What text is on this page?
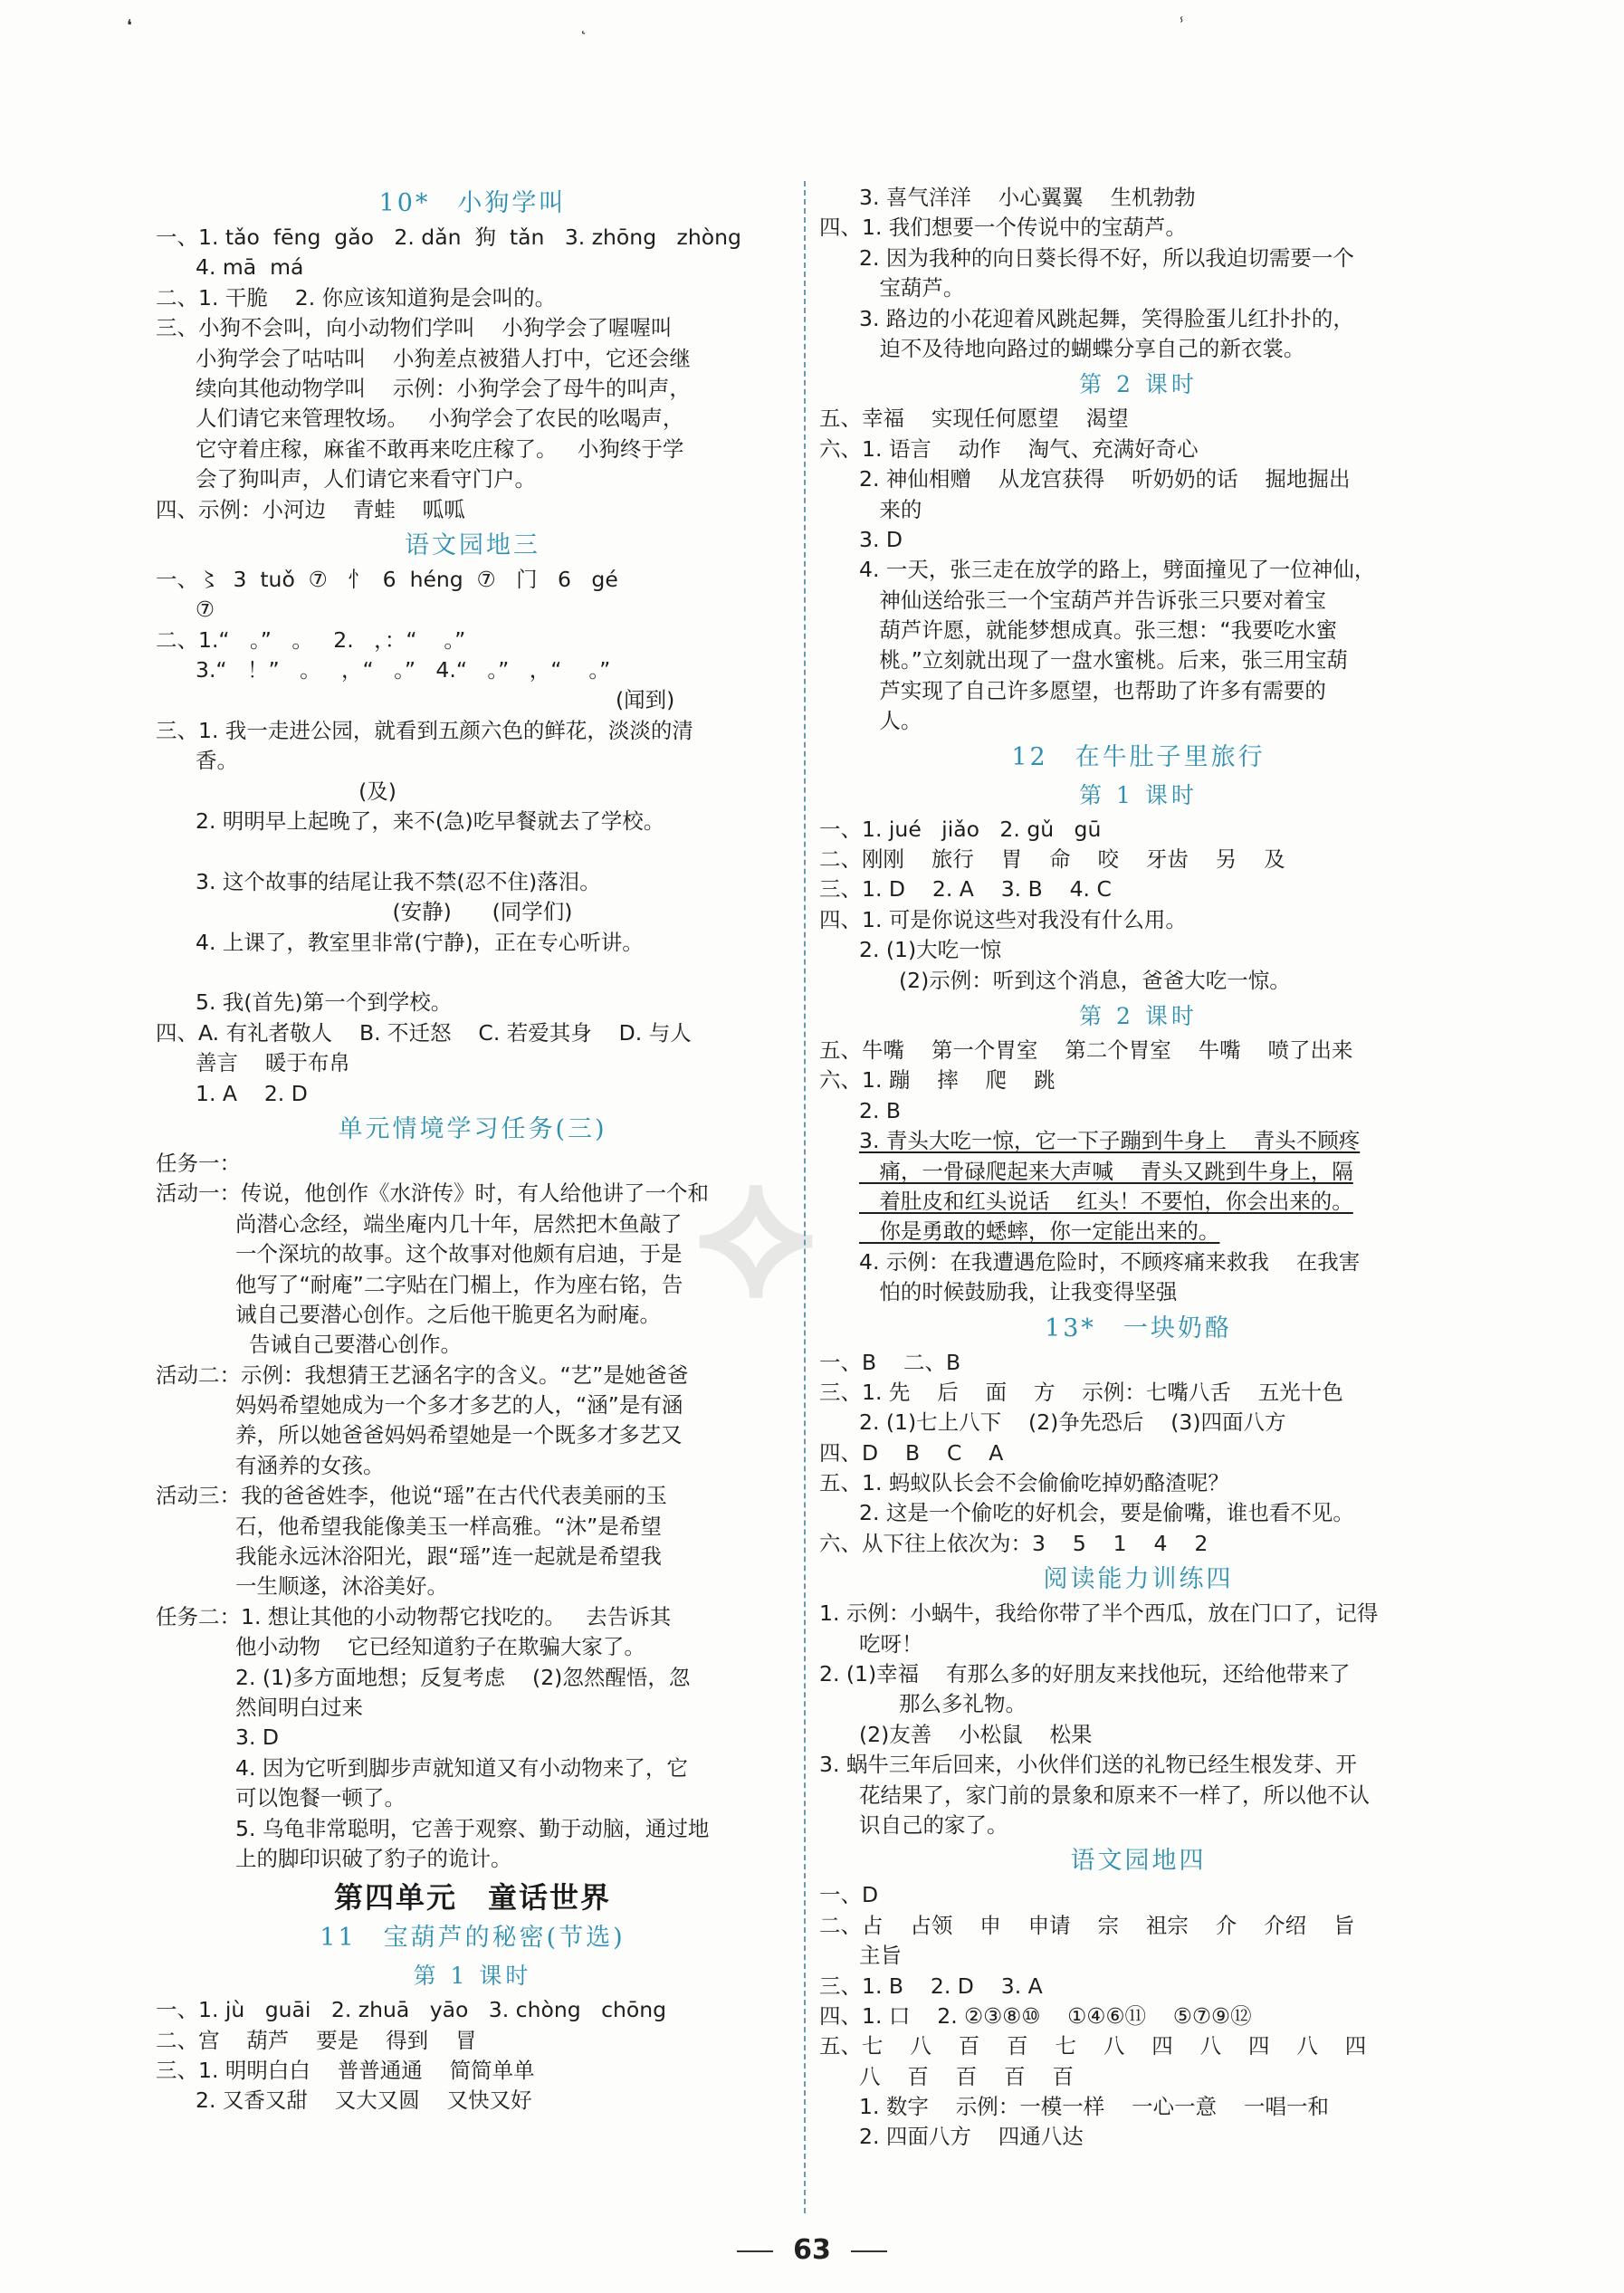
❛	˛	ⸯ
⟡
10*　小狗学叫
一、1. tǎo  fēng  gǎo   2. dǎn  狗  tǎn   3. zhōng   zhòng
4. mā  má
二、1. 干脆    2. 你应该知道狗是会叫的。
三、小狗不会叫，向小动物们学叫    小狗学会了喔喔叫
小狗学会了咕咕叫    小狗差点被猎人打中，它还会继
续向其他动物学叫    示例：小狗学会了母牛的叫声，
人们请它来管理牧场。   小狗学会了农民的吆喝声，
它守着庄稼，麻雀不敢再来吃庄稼了。   小狗终于学
会了狗叫声，人们请它来看守门户。
四、示例：小河边    青蛙    呱呱
语文园地三
一、〻  3  tuǒ  ⑦   忄  6  héng  ⑦   门   6   gé
⑦
二、1.“   。”   。   2.   ，：“    。”
3.“   ！”   。   ，“   。”   4.“   。”   ，“    。”
(闻到)
三、1. 我一走进公园，就看到五颜六色的鲜花，淡淡的清
香。
(及)
2. 明明早上起晚了，来不(急)吃早餐就去了学校。
3. 这个故事的结尾让我不禁(忍不住)落泪。
(安静)      (同学们)
4. 上课了，教室里非常(宁静)，正在专心听讲。
5. 我(首先)第一个到学校。
四、A. 有礼者敬人    B. 不迁怒    C. 若爱其身    D. 与人
善言    暖于布帛
1. A    2. D
单元情境学习任务(三)
任务一：
活动一：传说，他创作《水浒传》时，有人给他讲了一个和
尚潜心念经，端坐庵内几十年，居然把木鱼敲了
一个深坑的故事。这个故事对他颇有启迪，于是
他写了“耐庵”二字贴在门楣上，作为座右铭，告
诫自己要潜心创作。之后他干脆更名为耐庵。
告诫自己要潜心创作。
活动二：示例：我想猜王艺涵名字的含义。“艺”是她爸爸
妈妈希望她成为一个多才多艺的人，“涵”是有涵
养，所以她爸爸妈妈希望她是一个既多才多艺又
有涵养的女孩。
活动三：我的爸爸姓李，他说“瑶”在古代代表美丽的玉
石，他希望我能像美玉一样高雅。“沐”是希望
我能永远沐浴阳光，跟“瑶”连一起就是希望我
一生顺遂，沐浴美好。
任务二：1. 想让其他的小动物帮它找吃的。   去告诉其
他小动物    它已经知道豹子在欺骗大家了。
2. (1)多方面地想；反复考虑    (2)忽然醒悟，忽
然间明白过来
3. D
4. 因为它听到脚步声就知道又有小动物来了，它
可以饱餐一顿了。
5. 乌龟非常聪明，它善于观察、勤于动脑，通过地
上的脚印识破了豹子的诡计。
第四单元　童话世界
11　宝葫芦的秘密(节选)
第 1 课时
一、1. jù   guāi   2. zhuā   yāo   3. chòng   chōng
二、宫    葫芦    要是    得到    冒
三、1. 明明白白    普普通通    简简单单
2. 又香又甜    又大又圆    又快又好
3. 喜气洋洋    小心翼翼    生机勃勃
四、1. 我们想要一个传说中的宝葫芦。
2. 因为我种的向日葵长得不好，所以我迫切需要一个
宝葫芦。
3. 路边的小花迎着风跳起舞，笑得脸蛋儿红扑扑的，
迫不及待地向路过的蝴蝶分享自己的新衣裳。
第 2 课时
五、幸福    实现任何愿望    渴望
六、1. 语言    动作    淘气、充满好奇心
2. 神仙相赠    从龙宫获得    听奶奶的话    掘地掘出
来的
3. D
4. 一天，张三走在放学的路上，劈面撞见了一位神仙，
神仙送给张三一个宝葫芦并告诉张三只要对着宝
葫芦许愿，就能梦想成真。张三想：“我要吃水蜜
桃。”立刻就出现了一盘水蜜桃。后来，张三用宝葫
芦实现了自己许多愿望，也帮助了许多有需要的
人。
12　在牛肚子里旅行
第 1 课时
一、1. jué   jiǎo   2. gǔ   gū
二、刚刚    旅行    胃    命    咬    牙齿    另    及
三、1. D    2. A    3. B    4. C
四、1. 可是你说这些对我没有什么用。
2. (1)大吃一惊
(2)示例：听到这个消息，爸爸大吃一惊。
第 2 课时
五、牛嘴    第一个胃室    第二个胃室    牛嘴    喷了出来
六、1. 蹦    摔    爬    跳
2. B
3. 青头大吃一惊，它一下子蹦到牛身上    青头不顾疼
痛，一骨碌爬起来大声喊    青头又跳到牛身上，隔
着肚皮和红头说话    红头！不要怕，你会出来的。
你是勇敢的蟋蟀，你一定能出来的。
4. 示例：在我遭遇危险时，不顾疼痛来救我    在我害
怕的时候鼓励我，让我变得坚强
13*　一块奶酪
一、B    二、B
三、1. 先    后    面    方    示例：七嘴八舌    五光十色
2. (1)七上八下    (2)争先恐后    (3)四面八方
四、D    B    C    A
五、1. 蚂蚁队长会不会偷偷吃掉奶酪渣呢？
2. 这是一个偷吃的好机会，要是偷嘴，谁也看不见。
六、从下往上依次为：3    5    1    4    2
阅读能力训练四
1. 示例：小蜗牛，我给你带了半个西瓜，放在门口了，记得
吃呀！
2. (1)幸福    有那么多的好朋友来找他玩，还给他带来了
那么多礼物。
(2)友善    小松鼠    松果
3. 蜗牛三年后回来，小伙伴们送的礼物已经生根发芽、开
花结果了，家门前的景象和原来不一样了，所以他不认
识自己的家了。
语文园地四
一、D
二、占    占领    申    申请    宗    祖宗    介    介绍    旨
主旨
三、1. B    2. D    3. A
四、1. 口    2. ②③⑧⑩    ①④⑥⑪    ⑤⑦⑨⑫
五、七    八    百    百    七    八    四    八    四    八    四
八    百    百    百    百
1. 数字    示例：一模一样    一心一意    一唱一和
2. 四面八方    四通八达
63
